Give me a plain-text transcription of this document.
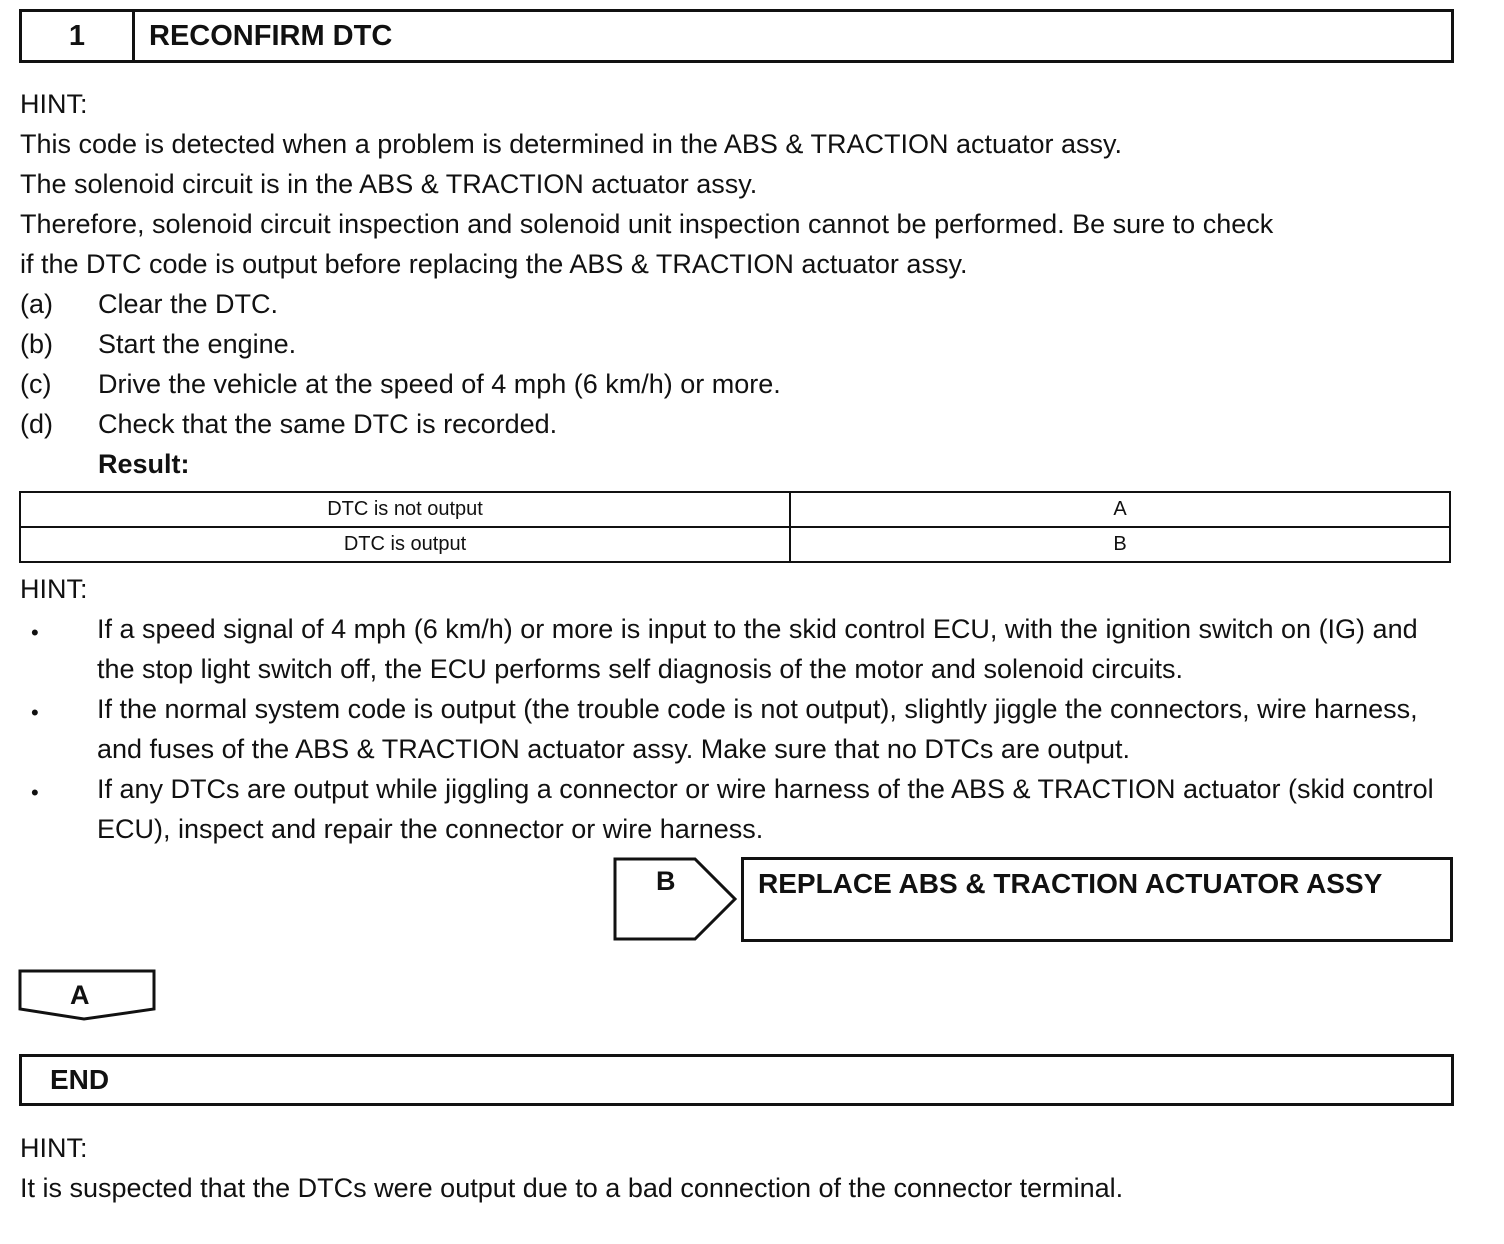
1	RECONFIRM DTC
HINT:
This code is detected when a problem is determined in the ABS & TRACTION actuator assy.
The solenoid circuit is in the ABS & TRACTION actuator assy.
Therefore, solenoid circuit inspection and solenoid unit inspection cannot be performed. Be sure to check
if the DTC code is output before replacing the ABS & TRACTION actuator assy.
(a) Clear the DTC.
(b) Start the engine.
(c) Drive the vehicle at the speed of 4 mph (6 km/h) or more.
(d) Check that the same DTC is recorded.
Result:
DTC is not output	A
DTC is output	B
HINT:
• If a speed signal of 4 mph (6 km/h) or more is input to the skid control ECU, with the ignition switch on (IG) and the stop light switch off, the ECU performs self diagnosis of the motor and solenoid circuits.
• If the normal system code is output (the trouble code is not output), slightly jiggle the connectors, wire harness, and fuses of the ABS & TRACTION actuator assy. Make sure that no DTCs are output.
• If any DTCs are output while jiggling a connector or wire harness of the ABS & TRACTION actuator (skid control ECU), inspect and repair the connector or wire harness.
B	REPLACE ABS & TRACTION ACTUATOR ASSY
A
END
HINT:
It is suspected that the DTCs were output due to a bad connection of the connector terminal.
